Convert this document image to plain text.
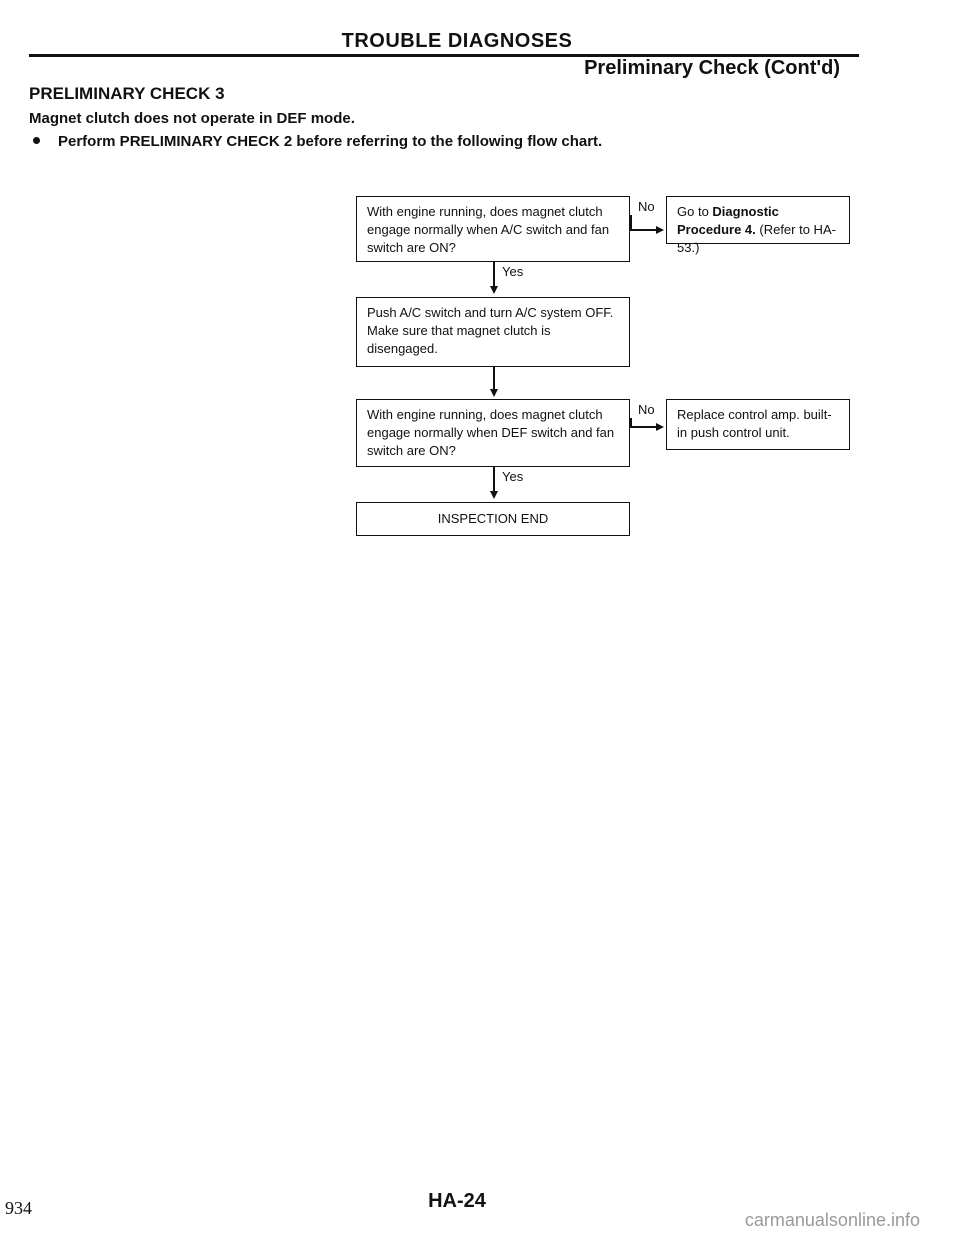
TROUBLE DIAGNOSES
Preliminary Check (Cont'd)
PRELIMINARY CHECK 3
Magnet clutch does not operate in DEF mode.
Perform PRELIMINARY CHECK 2 before referring to the following flow chart.
With engine running, does magnet clutch engage normally when A/C switch and fan switch are ON?
No	Go to Diagnostic Procedure 4. (Refer to HA-53.)
Yes
Push A/C switch and turn A/C system OFF. Make sure that magnet clutch is disengaged.
With engine running, does magnet clutch engage normally when DEF switch and fan switch are ON?
No	Replace control amp. built-in push control unit.
Yes
INSPECTION END
HA-24
934
carmanualsonline.info
